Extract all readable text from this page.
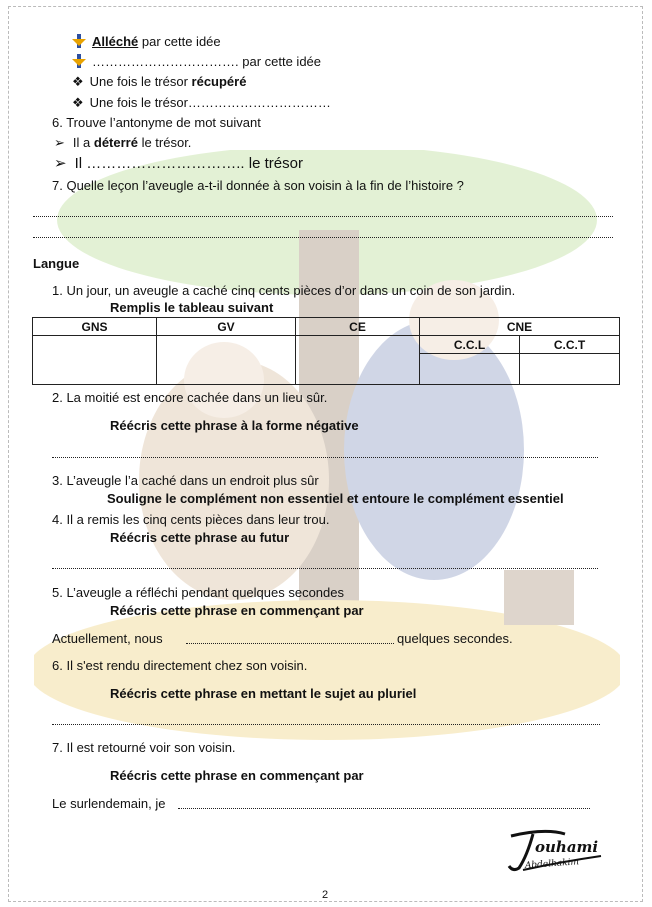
Alléché par cette idée
……………………………. par cette idée
❖ Une fois le trésor récupéré
❖ Une fois le trésor……………………………
6. Trouve l’antonyme de mot suivant
➢ Il a déterré le trésor.
➢ Il ………………………….. le trésor
7. Quelle leçon l’aveugle a-t-il donnée à son voisin à la fin de l’histoire ?
Langue
1. Un jour, un aveugle a caché cinq cents pièces d’or dans un coin de son jardin.
Remplis le tableau suivant
GNS	GV	CE	CNE	
			C.C.L	C.C.T

2. La moitié est encore cachée dans un lieu sûr.
Réécris cette phrase à la forme négative
3. L’aveugle l’a caché dans un endroit plus sûr
Souligne le complément non essentiel et entoure le complément essentiel
4. Il a remis les cinq cents pièces dans leur trou.
Réécris cette phrase au futur
5. L’aveugle a réfléchi pendant quelques secondes
Réécris cette phrase en commençant par
Actuellement, nous	quelques secondes.
6. Il s'est rendu directement chez son voisin.
Réécris cette phrase en mettant le sujet au pluriel
7. Il est retourné voir son voisin.
Réécris cette phrase en commençant par
Le surlendemain, je
ouhami
Abdelhakim
2
